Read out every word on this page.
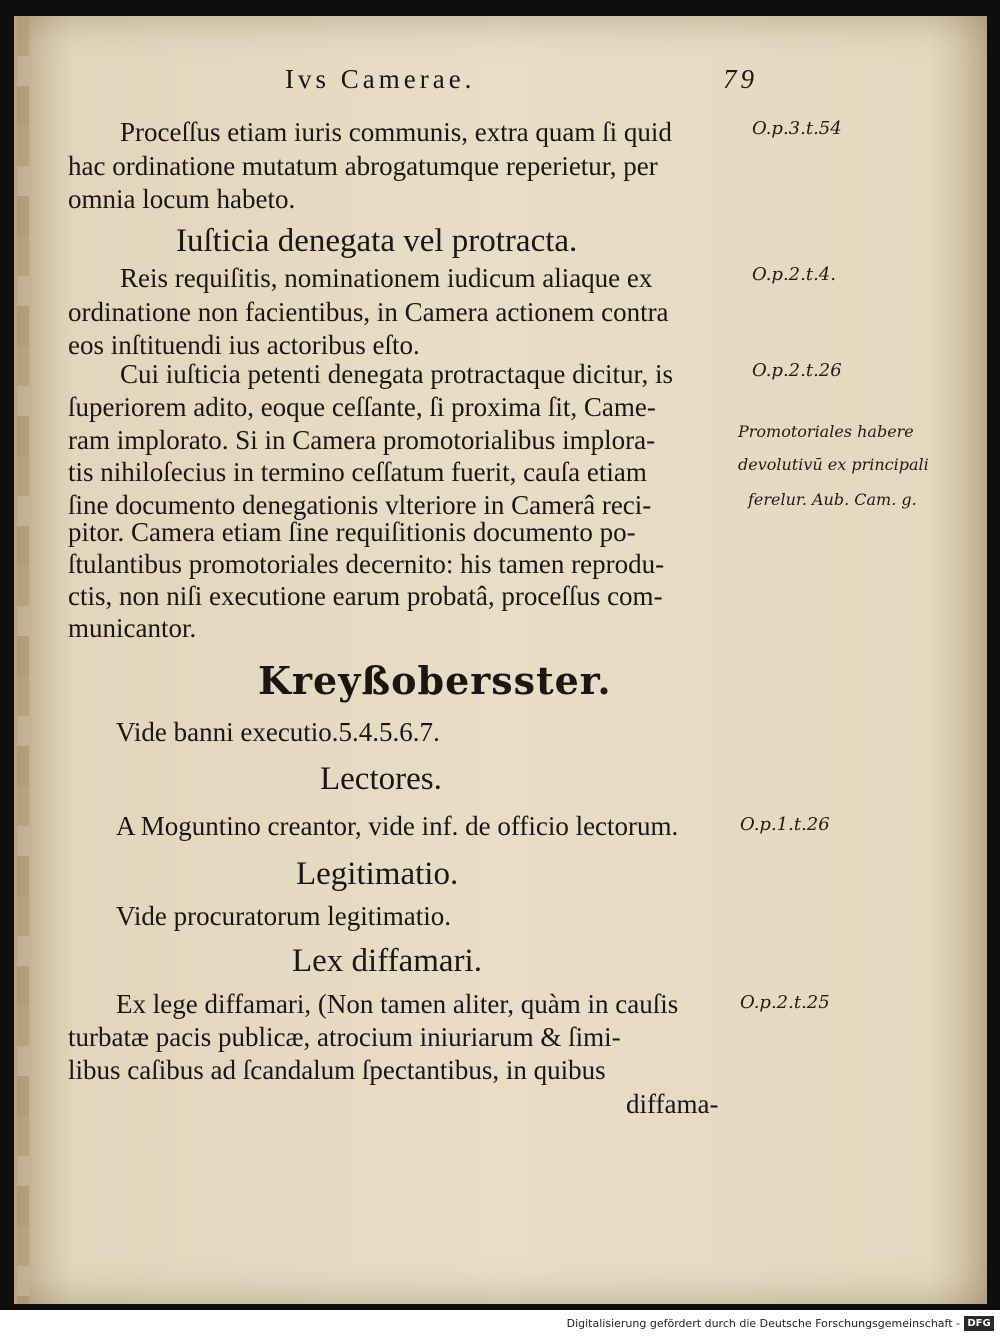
Ivs Camerae.	79
Proceſſus etiam iuris communis, extra quam ſi quid
hac ordinatione mutatum abrogatumque reperietur, per
omnia locum habeto.
Iuſticia denegata vel protracta.
Reis requiſitis, nominationem iudicum aliaque ex
ordinatione non facientibus, in Camera actionem contra
eos inſtituendi ius actoribus eſto.
Cui iuſticia petenti denegata protractaque dicitur, is
ſuperiorem adito, eoque ceſſante, ſi proxima ſit, Came-
ram implorato. Si in Camera promotorialibus implora-
tis nihiloſecius in termino ceſſatum fuerit, cauſa etiam
ſine documento denegationis vlteriore in Camerâ reci-
pitor. Camera etiam ſine requiſitionis documento po-
ſtulantibus promotoriales decernito: his tamen reprodu-
ctis, non niſi executione earum probatâ, proceſſus com-
municantor.
Kreyßobersster.
Vide banni executio.5.4.5.6.7.
Lectores.
A Moguntino creantor, vide inf. de officio lectorum.
Legitimatio.
Vide procuratorum legitimatio.
Lex diffamari.
Ex lege diffamari, (Non tamen aliter, quàm in cauſis
turbatæ pacis publicæ, atrocium iniuriarum & ſimi-
libus caſibus ad ſcandalum ſpectantibus, in quibus
diffama-
O.p.3.t.54
O.p.2.t.4.
O.p.2.t.26
Promotoriales habere
devolutivū ex principali
ferelur. Aub. Cam. g.
O.p.1.t.26
O.p.2.t.25
Digitalisierung gefördert durch die Deutsche Forschungsgemeinschaft - DFG
